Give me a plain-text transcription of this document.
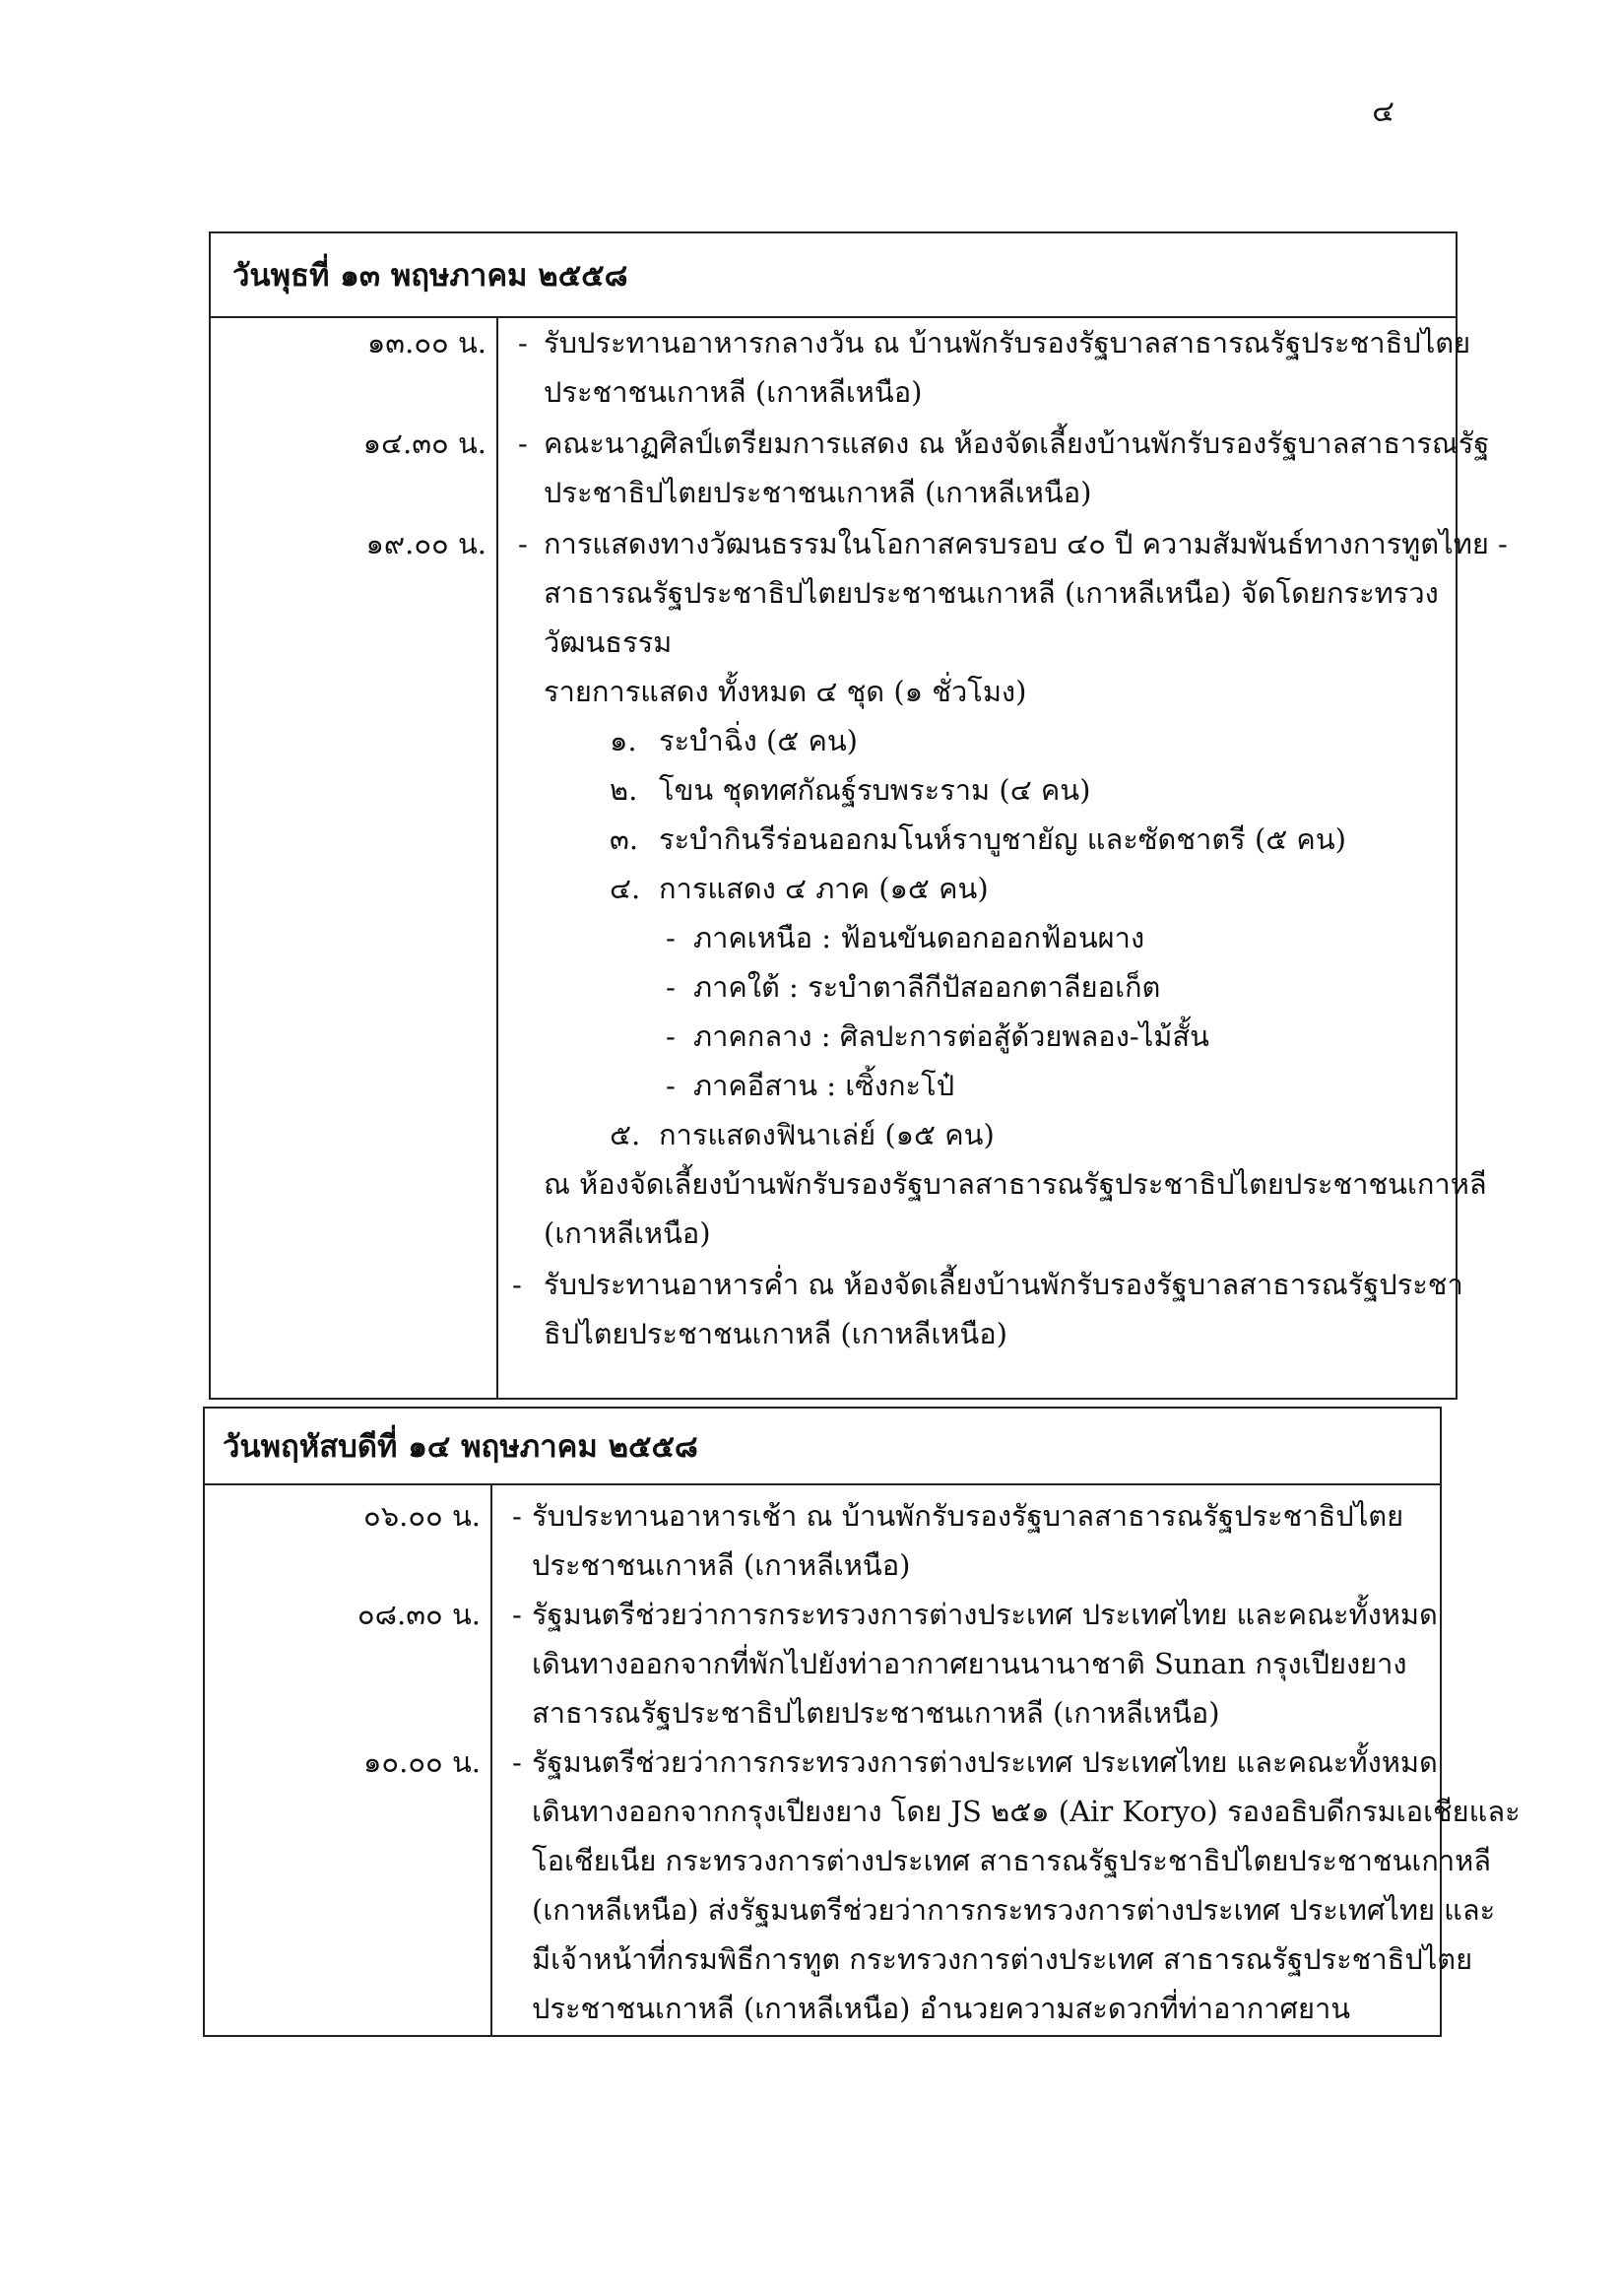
๔
วันพุธที่ ๑๓ พฤษภาคม ๒๕๕๘
๑๓.๐๐ น. - รับประทานอาหารกลางวัน ณ บ้านพักรับรองรัฐบาลสาธารณรัฐประชาธิปไตย
ประชาชนเกาหลี (เกาหลีเหนือ)
๑๔.๓๐ น. - คณะนาฏศิลป์เตรียมการแสดง ณ ห้องจัดเลี้ยงบ้านพักรับรองรัฐบาลสาธารณรัฐ
ประชาธิปไตยประชาชนเกาหลี (เกาหลีเหนือ)
๑๙.๐๐ น. - การแสดงทางวัฒนธรรมในโอกาสครบรอบ ๔๐ ปี ความสัมพันธ์ทางการทูตไทย -
สาธารณรัฐประชาธิปไตยประชาชนเกาหลี (เกาหลีเหนือ) จัดโดยกระทรวง
วัฒนธรรม
รายการแสดง ทั้งหมด ๔ ชุด (๑ ชั่วโมง)
๑. ระบำฉิ่ง (๕ คน)
๒. โขน ชุดทศกัณฐ์รบพระราม (๔ คน)
๓. ระบำกินรีร่อนออกมโนห์ราบูชายัญ และซัดชาตรี (๕ คน)
๔. การแสดง ๔ ภาค (๑๕ คน)
- ภาคเหนือ : ฟ้อนขันดอกออกฟ้อนผาง
- ภาคใต้ : ระบำตาลีกีปัสออกตาลียอเก็ต
- ภาคกลาง : ศิลปะการต่อสู้ด้วยพลอง-ไม้สั้น
- ภาคอีสาน : เซิ้งกะโป๋
๕. การแสดงฟินาเล่ย์ (๑๕ คน)
ณ ห้องจัดเลี้ยงบ้านพักรับรองรัฐบาลสาธารณรัฐประชาธิปไตยประชาชนเกาหลี
(เกาหลีเหนือ)
- รับประทานอาหารค่ำ ณ ห้องจัดเลี้ยงบ้านพักรับรองรัฐบาลสาธารณรัฐประชา
ธิปไตยประชาชนเกาหลี (เกาหลีเหนือ)
วันพฤหัสบดีที่ ๑๔ พฤษภาคม ๒๕๕๘
๐๖.๐๐ น. - รับประทานอาหารเช้า ณ บ้านพักรับรองรัฐบาลสาธารณรัฐประชาธิปไตย
ประชาชนเกาหลี (เกาหลีเหนือ)
๐๘.๓๐ น. - รัฐมนตรีช่วยว่าการกระทรวงการต่างประเทศ ประเทศไทย และคณะทั้งหมด
เดินทางออกจากที่พักไปยังท่าอากาศยานนานาชาติ Sunan กรุงเปียงยาง
สาธารณรัฐประชาธิปไตยประชาชนเกาหลี (เกาหลีเหนือ)
๑๐.๐๐ น. - รัฐมนตรีช่วยว่าการกระทรวงการต่างประเทศ ประเทศไทย และคณะทั้งหมด
เดินทางออกจากกรุงเปียงยาง โดย JS ๒๕๑ (Air Koryo) รองอธิบดีกรมเอเชียและ
โอเชียเนีย กระทรวงการต่างประเทศ สาธารณรัฐประชาธิปไตยประชาชนเกาหลี
(เกาหลีเหนือ) ส่งรัฐมนตรีช่วยว่าการกระทรวงการต่างประเทศ ประเทศไทย และ
มีเจ้าหน้าที่กรมพิธีการทูต กระทรวงการต่างประเทศ สาธารณรัฐประชาธิปไตย
ประชาชนเกาหลี (เกาหลีเหนือ) อำนวยความสะดวกที่ท่าอากาศยาน
